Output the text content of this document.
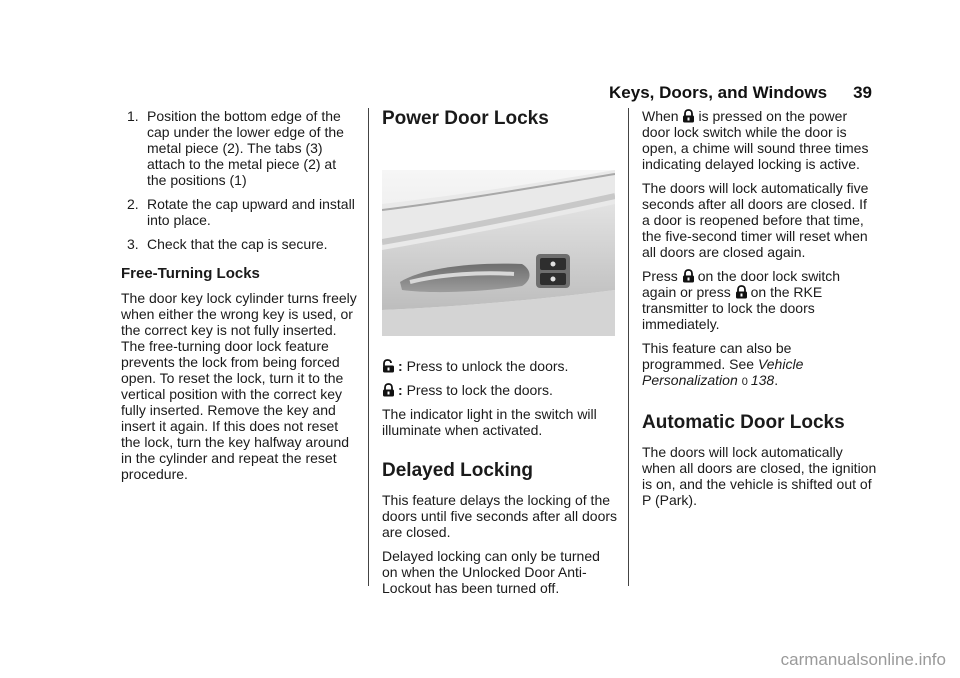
Keys, Doors, and Windows 39
1. Position the bottom edge of the cap under the lower edge of the metal piece (2). The tabs (3) attach to the metal piece (2) at the positions (1)
2. Rotate the cap upward and install into place.
3. Check that the cap is secure.
Free-Turning Locks

The door key lock cylinder turns freely when either the wrong key is used, or the correct key is not fully inserted. The free-turning door lock feature prevents the lock from being forced open. To reset the lock, turn it to the vertical position with the correct key fully inserted. Remove the key and insert it again. If this does not reset the lock, turn the key halfway around in the cylinder and repeat the reset procedure.

Power Door Locks

: Press to unlock the doors.

: Press to lock the doors.

The indicator light in the switch will illuminate when activated.

Delayed Locking

This feature delays the locking of the doors until five seconds after all doors are closed.

Delayed locking can only be turned on when the Unlocked Door Anti-Lockout has been turned off.

When is pressed on the power door lock switch while the door is open, a chime will sound three times indicating delayed locking is active.

The doors will lock automatically five seconds after all doors are closed. If a door is reopened before that time, the five-second timer will reset when all doors are closed again.

Press on the door lock switch again or press on the RKE transmitter to lock the doors immediately.

This feature can also be programmed. See Vehicle Personalization 0 138.

Automatic Door Locks

The doors will lock automatically when all doors are closed, the ignition is on, and the vehicle is shifted out of P (Park).

carmanualsonline.info
